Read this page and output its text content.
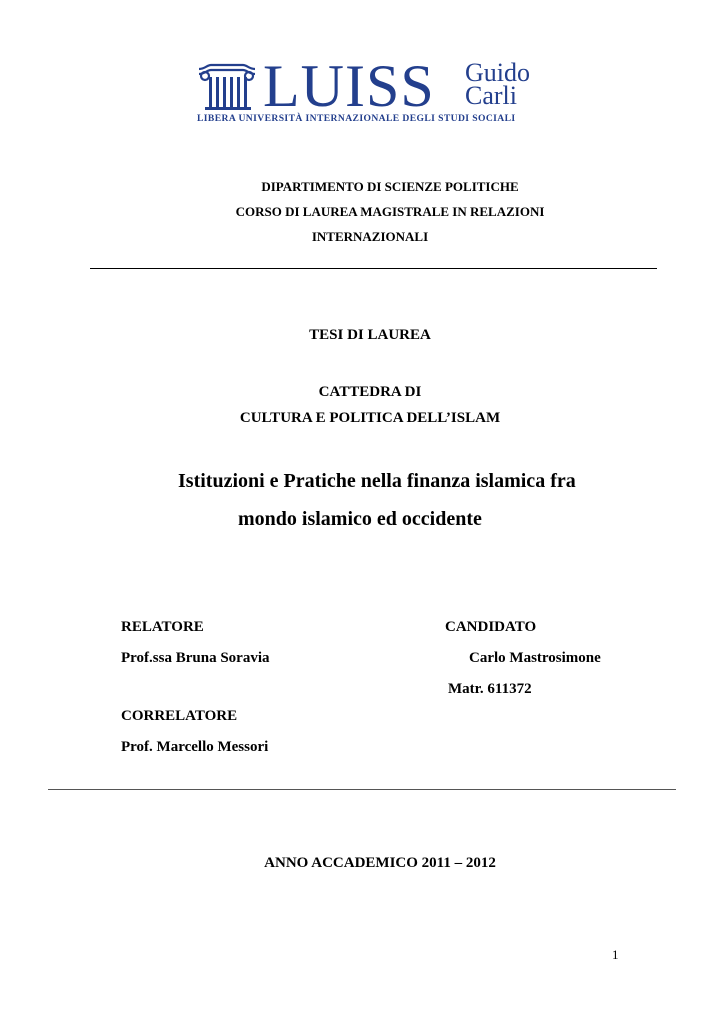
LUISS Guido
Carli
LIBERA UNIVERSITÀ INTERNAZIONALE DEGLI STUDI SOCIALI
DIPARTIMENTO DI SCIENZE POLITICHE
CORSO DI LAUREA MAGISTRALE IN RELAZIONI
INTERNAZIONALI
TESI DI LAUREA
CATTEDRA DI
CULTURA E POLITICA DELL’ISLAM
Istituzioni e Pratiche nella finanza islamica fra
mondo islamico ed occidente
RELATORE
Prof.ssa Bruna Soravia
CANDIDATO
Carlo Mastrosimone
Matr. 611372
CORRELATORE
Prof. Marcello Messori
ANNO ACCADEMICO 2011 – 2012
1
